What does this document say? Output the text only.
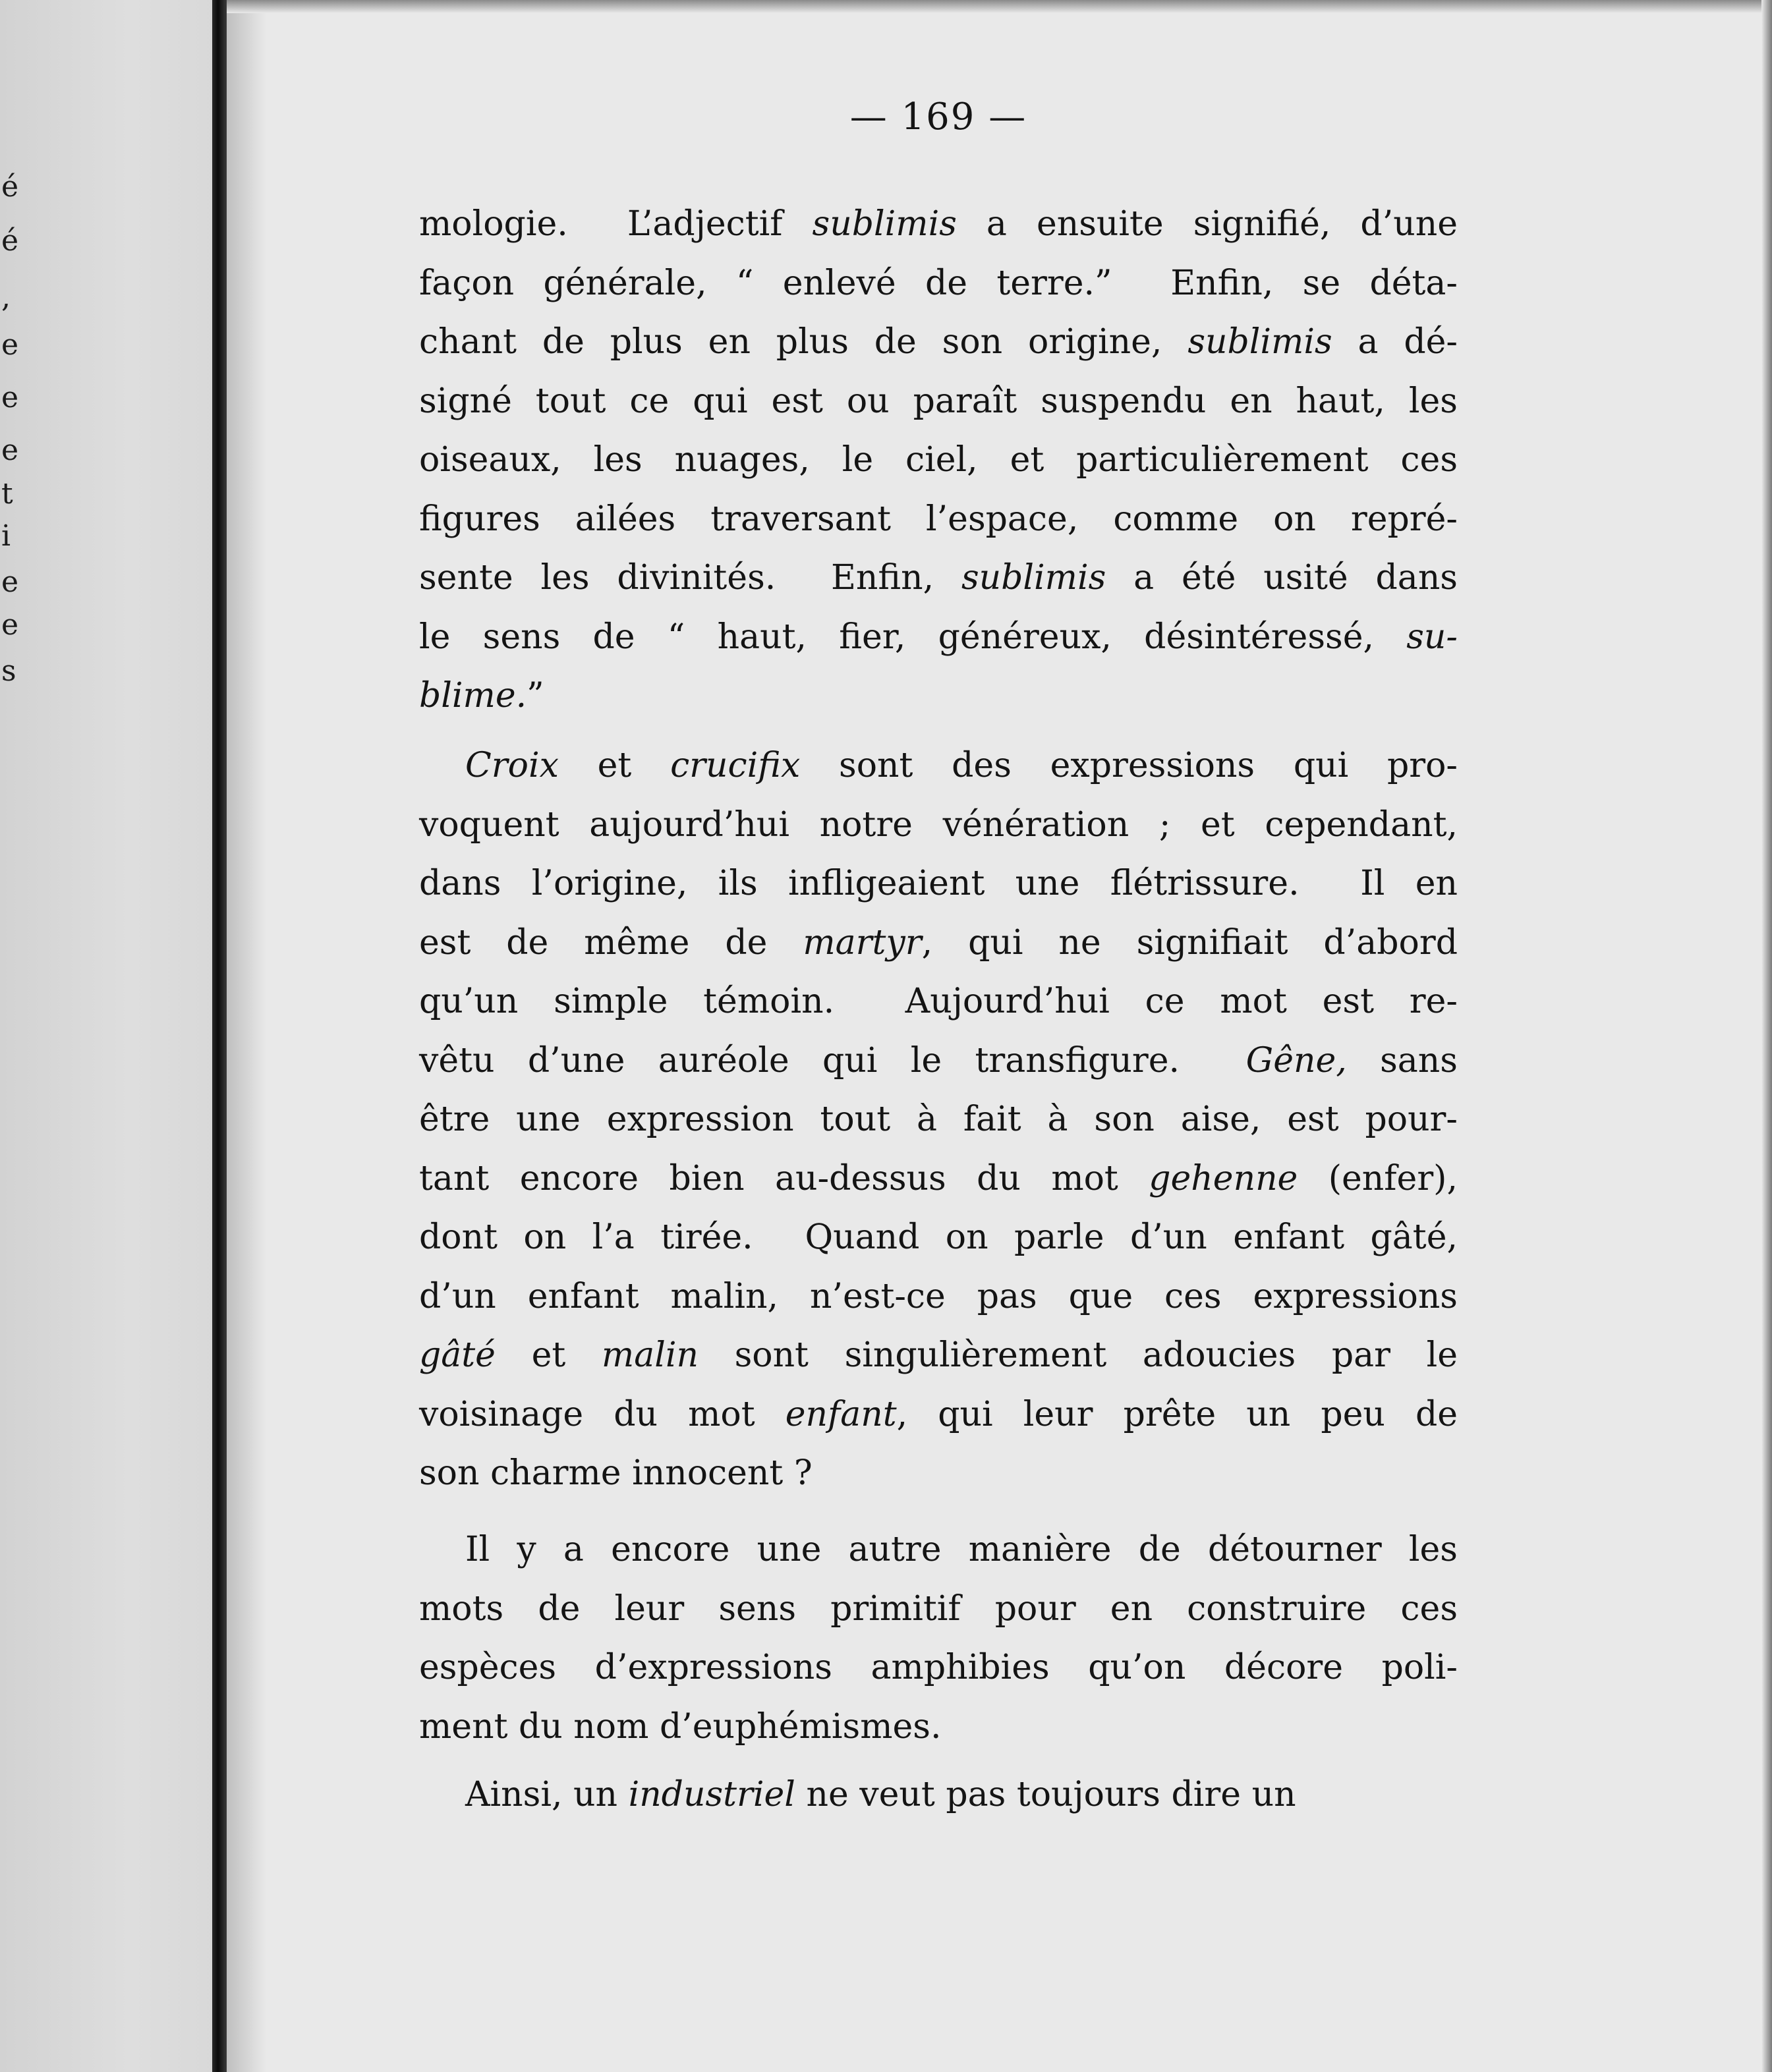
é
é
,
e
e
e
t
i
e
e
s
— 169 —
mologie.  L’adjectif sublimis a ensuite signifié, d’une
façon générale, “ enlevé de terre.”  Enfin, se déta-
chant de plus en plus de son origine, sublimis a dé-
signé tout ce qui est ou paraît suspendu en haut, les
oiseaux, les nuages, le ciel, et particulièrement ces
figures ailées traversant l’espace, comme on repré-
sente les divinités.  Enfin, sublimis a été usité dans
le sens de “ haut, fier, généreux, désintéressé, su-
blime.”
Croix et crucifix sont des expressions qui pro-
voquent aujourd’hui notre vénération ; et cependant,
dans l’origine, ils infligeaient une flétrissure.  Il en
est de même de martyr, qui ne signifiait d’abord
qu’un simple témoin.  Aujourd’hui ce mot est re-
vêtu d’une auréole qui le transfigure.  Gêne, sans
être une expression tout à fait à son aise, est pour-
tant encore bien au-dessus du mot gehenne (enfer),
dont on l’a tirée.  Quand on parle d’un enfant gâté,
d’un enfant malin, n’est-ce pas que ces expressions
gâté et malin sont singulièrement adoucies par le
voisinage du mot enfant, qui leur prête un peu de
son charme innocent ?
Il y a encore une autre manière de détourner les
mots de leur sens primitif pour en construire ces
espèces d’expressions amphibies qu’on décore poli-
ment du nom d’euphémismes.
Ainsi, un industriel ne veut pas toujours dire un
